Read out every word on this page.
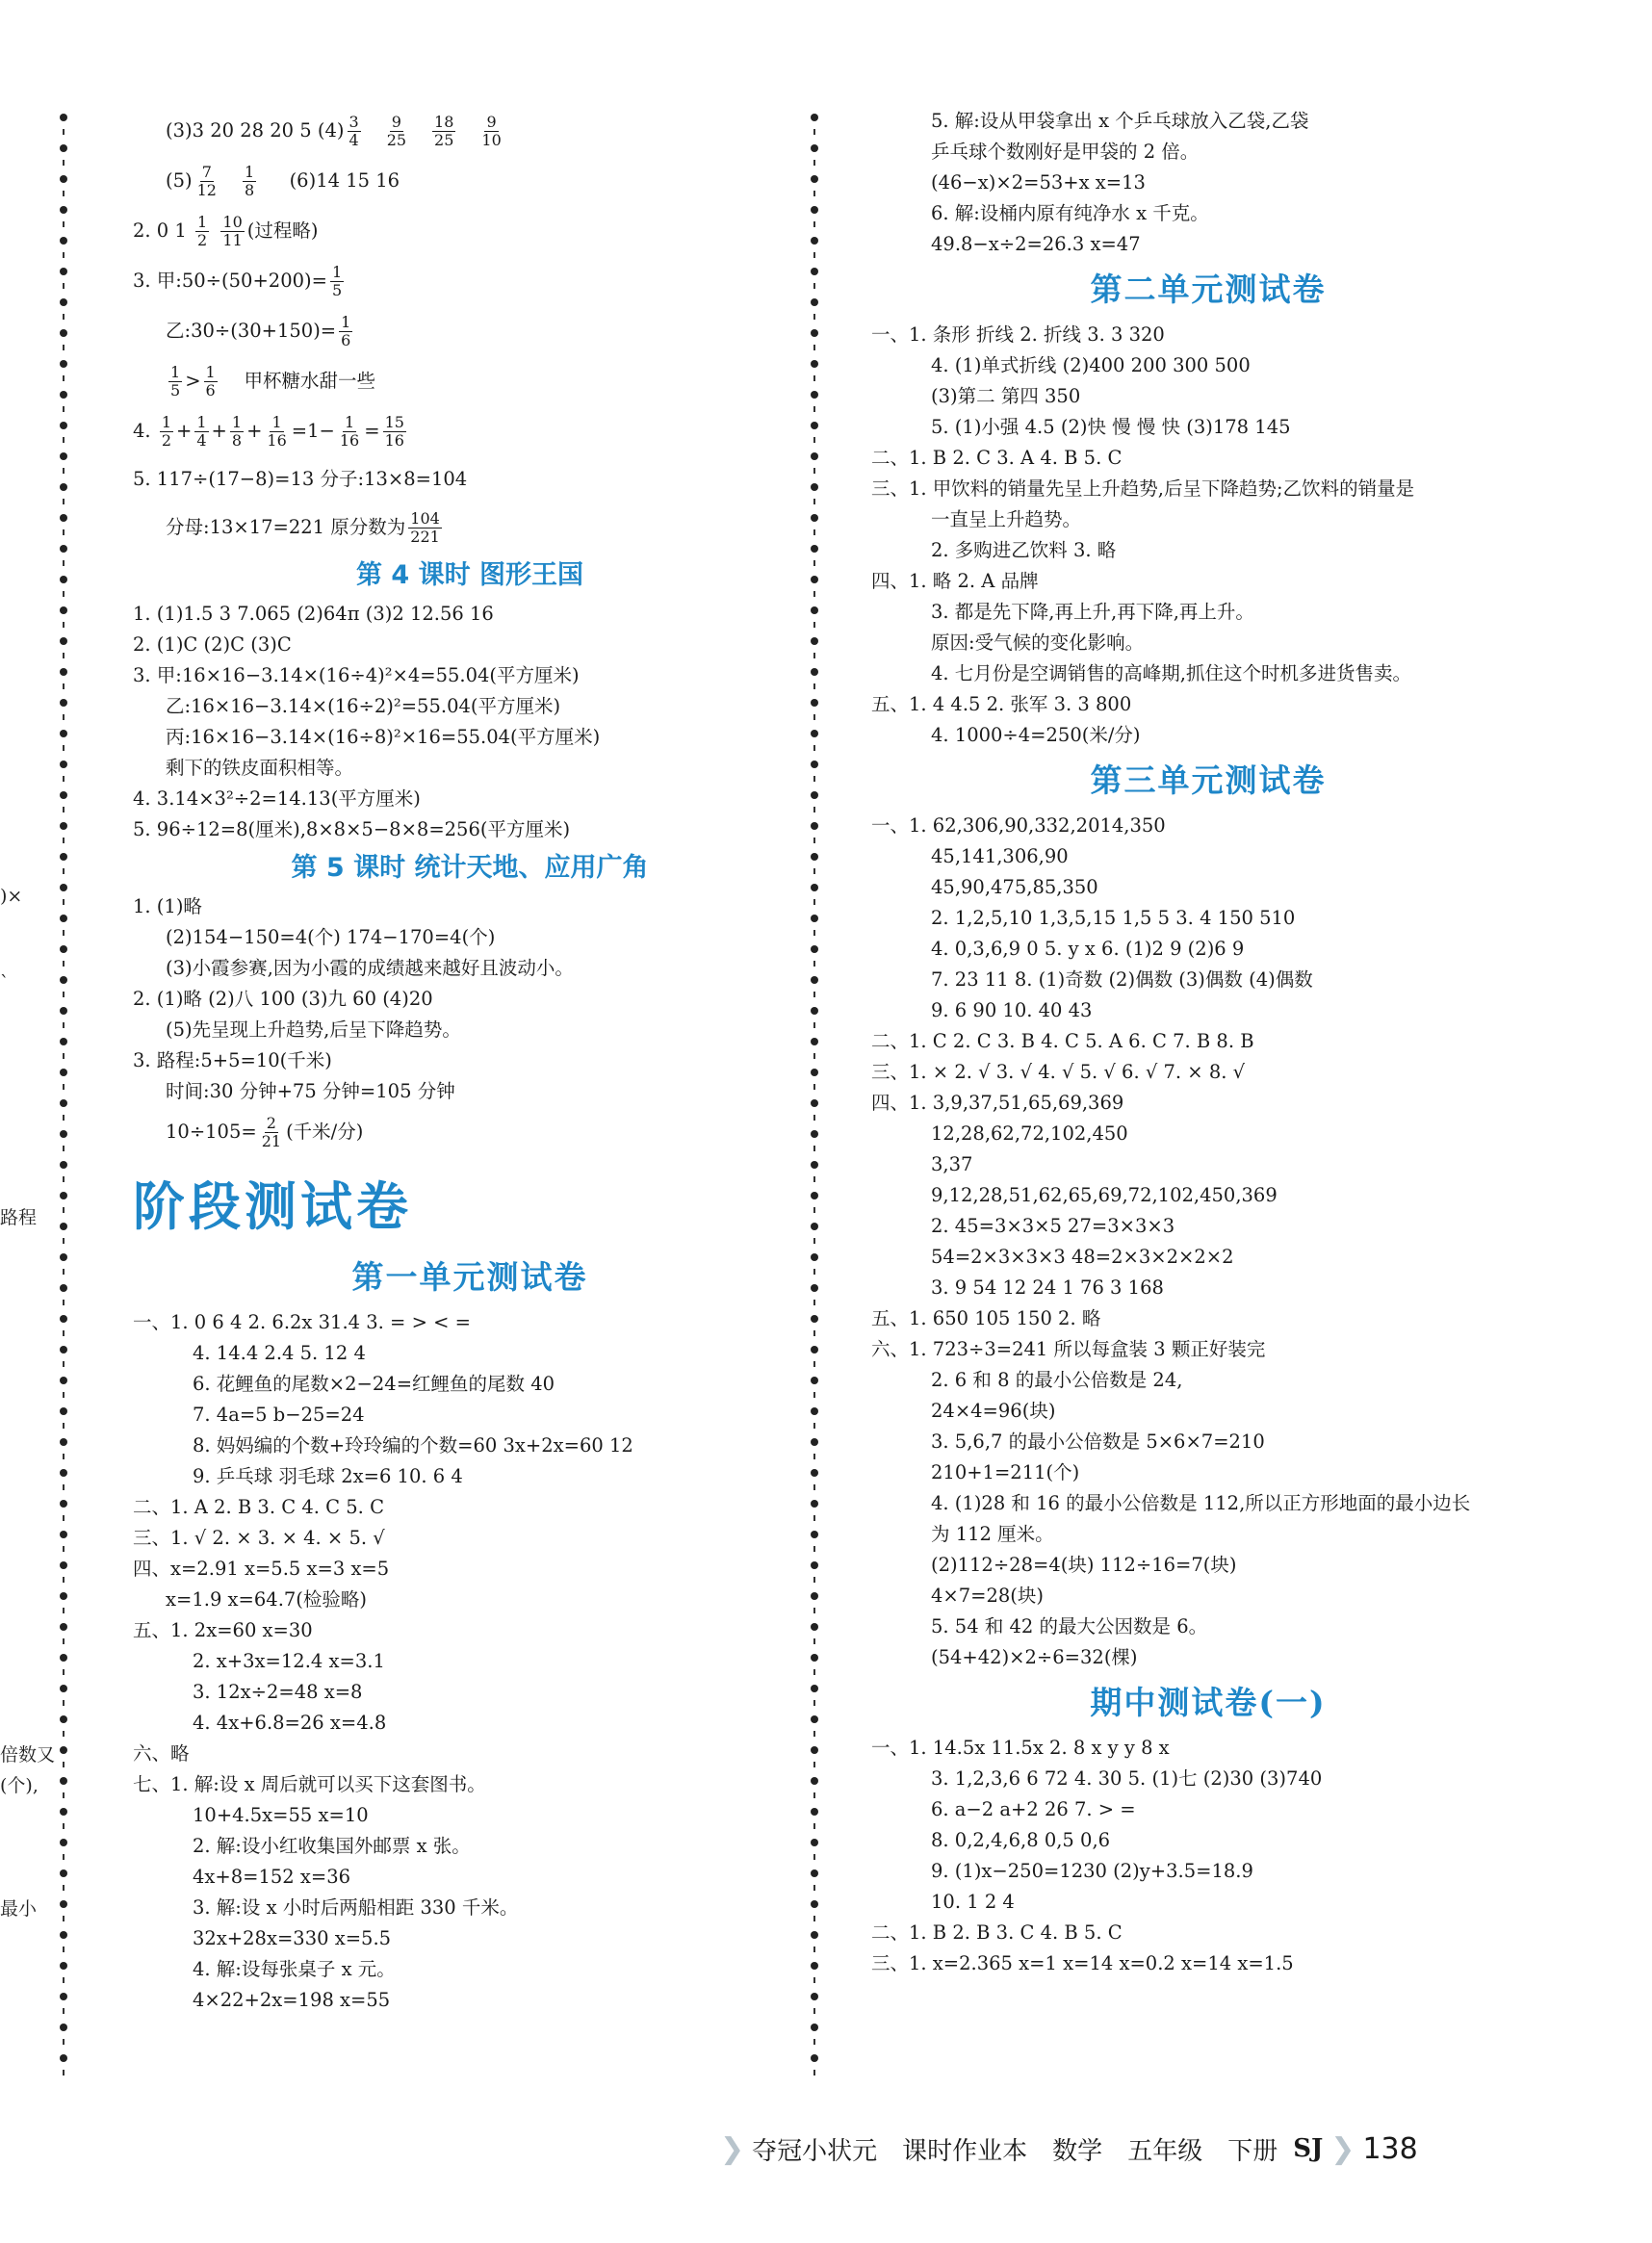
)×
`
路程
倍数又
(个),
最小
(3)3 20 28 20 5 $(4) \frac{3}{4} \frac{9}{25} \frac{18}{25} \frac{9}{10}$
$(5) \frac{7}{12} \frac{1}{8} (6)14$ 15 16
2. 0 $1 \frac{1}{2}$
$\frac{10}{11}$ (过程略)
3. 甲:50÷(50+200)= $\frac{1}{5}$
乙:30÷(30+150)= $\frac{1}{6}$
$\frac{1}{5} > \frac{1}{6}$ 甲杯糖水甜一些
4. $\frac{1}{2} + \frac{1}{4} + \frac{1}{8} + \frac{1}{16} =1- \frac{1}{16} = \frac{15}{16}$
5. 117÷(17−8)=13 分子:13×8=104
分母:13×17=221 原分数为 $\frac{104}{221}$
第 4 课时 图形王国
1. (1)1.5 3 7.065 (2)64π (3)2 12.56 16
2. (1)C (2)C (3)C
3. 甲:16×16−3.14×(16÷4)²×4=55.04(平方厘米)
乙:16×16−3.14×(16÷2)²=55.04(平方厘米)
丙:16×16−3.14×(16÷8)²×16=55.04(平方厘米)
剩下的铁皮面积相等。
4. 3.14×3²÷2=14.13(平方厘米)
5. 96÷12=8(厘米),8×8×5−8×8=256(平方厘米)
第 5 课时 统计天地、应用广角
1. (1)略
(2)154−150=4(个) 174−170=4(个)
(3)小霞参赛,因为小霞的成绩越来越好且波动小。
2. (1)略 (2)八 100 (3)九 60 (4)20
(5)先呈现上升趋势,后呈下降趋势。
3. 路程:5+5=10(千米)
时间:30 分钟+75 分钟=105 分钟
$10\div 105= \frac{2}{21}$ (千米/分)
阶段测试卷
第一单元测试卷
一、1. 0 6 4 2. 6.2x 31.4 3. = > < =
4. 14.4 2.4 5. 12 4
6. 花鲤鱼的尾数×2−24=红鲤鱼的尾数 40
7. 4a=5 b−25=24
8. 妈妈编的个数+玲玲编的个数=60 3x+2x=60 12
9. 乒乓球 羽毛球 2x=6 10. 6 4
二、1. A 2. B 3. C 4. C 5. C
三、1. √ 2. × 3. × 4. × 5. √
四、x=2.91 x=5.5 x=3 x=5
x=1.9 x=64.7(检验略)
五、1. 2x=60 x=30
2. x+3x=12.4 x=3.1
3. 12x÷2=48 x=8
4. 4x+6.8=26 x=4.8
六、略
七、1. 解:设 x 周后就可以买下这套图书。
10+4.5x=55 x=10
2. 解:设小红收集国外邮票 x 张。
4x+8=152 x=36
3. 解:设 x 小时后两船相距 330 千米。
32x+28x=330 x=5.5
4. 解:设每张桌子 x 元。
4×22+2x=198 x=55
5. 解:设从甲袋拿出 x 个乒乓球放入乙袋,乙袋
乒乓球个数刚好是甲袋的 2 倍。
(46−x)×2=53+x x=13
6. 解:设桶内原有纯净水 x 千克。
49.8−x÷2=26.3 x=47
第二单元测试卷
一、1. 条形 折线 2. 折线 3. 3 320
4. (1)单式折线 (2)400 200 300 500
(3)第二 第四 350
5. (1)小强 4.5 (2)快 慢 慢 快 (3)178 145
二、1. B 2. C 3. A 4. B 5. C
三、1. 甲饮料的销量先呈上升趋势,后呈下降趋势;乙饮料的销量是
一直呈上升趋势。
2. 多购进乙饮料 3. 略
四、1. 略 2. A 品牌
3. 都是先下降,再上升,再下降,再上升。
原因:受气候的变化影响。
4. 七月份是空调销售的高峰期,抓住这个时机多进货售卖。
五、1. 4 4.5 2. 张军 3. 3 800
4. 1000÷4=250(米/分)
第三单元测试卷
一、1. 62,306,90,332,2014,350
45,141,306,90
45,90,475,85,350
2. 1,2,5,10 1,3,5,15 1,5 5 3. 4 150 510
4. 0,3,6,9 0 5. y x 6. (1)2 9 (2)6 9
7. 23 11 8. (1)奇数 (2)偶数 (3)偶数 (4)偶数
9. 6 90 10. 40 43
二、1. C 2. C 3. B 4. C 5. A 6. C 7. B 8. B
三、1. × 2. √ 3. √ 4. √ 5. √ 6. √ 7. × 8. √
四、1. 3,9,37,51,65,69,369
12,28,62,72,102,450
3,37
9,12,28,51,62,65,69,72,102,450,369
2. 45=3×3×5 27=3×3×3
54=2×3×3×3 48=2×3×2×2×2
3. 9 54 12 24 1 76 3 168
五、1. 650 105 150 2. 略
六、1. 723÷3=241 所以每盒装 3 颗正好装完
2. 6 和 8 的最小公倍数是 24,
24×4=96(块)
3. 5,6,7 的最小公倍数是 5×6×7=210
210+1=211(个)
4. (1)28 和 16 的最小公倍数是 112,所以正方形地面的最小边长
为 112 厘米。
(2)112÷28=4(块) 112÷16=7(块)
4×7=28(块)
5. 54 和 42 的最大公因数是 6。
(54+42)×2÷6=32(棵)
期中测试卷(一)
一、1. 14.5x 11.5x 2. 8 x y y 8 x
3. 1,2,3,6 6 72 4. 30 5. (1)七 (2)30 (3)740
6. a−2 a+2 26 7. > =
8. 0,2,4,6,8 0,5 0,6
9. (1)x−250=1230 (2)y+3.5=18.9
10. 1 2 4
二、1. B 2. B 3. C 4. B 5. C
三、1. x=2.365 x=1 x=14 x=0.2 x=14 x=1.5
❯ 夺冠小状元 课时作业本 数学 五年级 下册 SJ ❯ 138
